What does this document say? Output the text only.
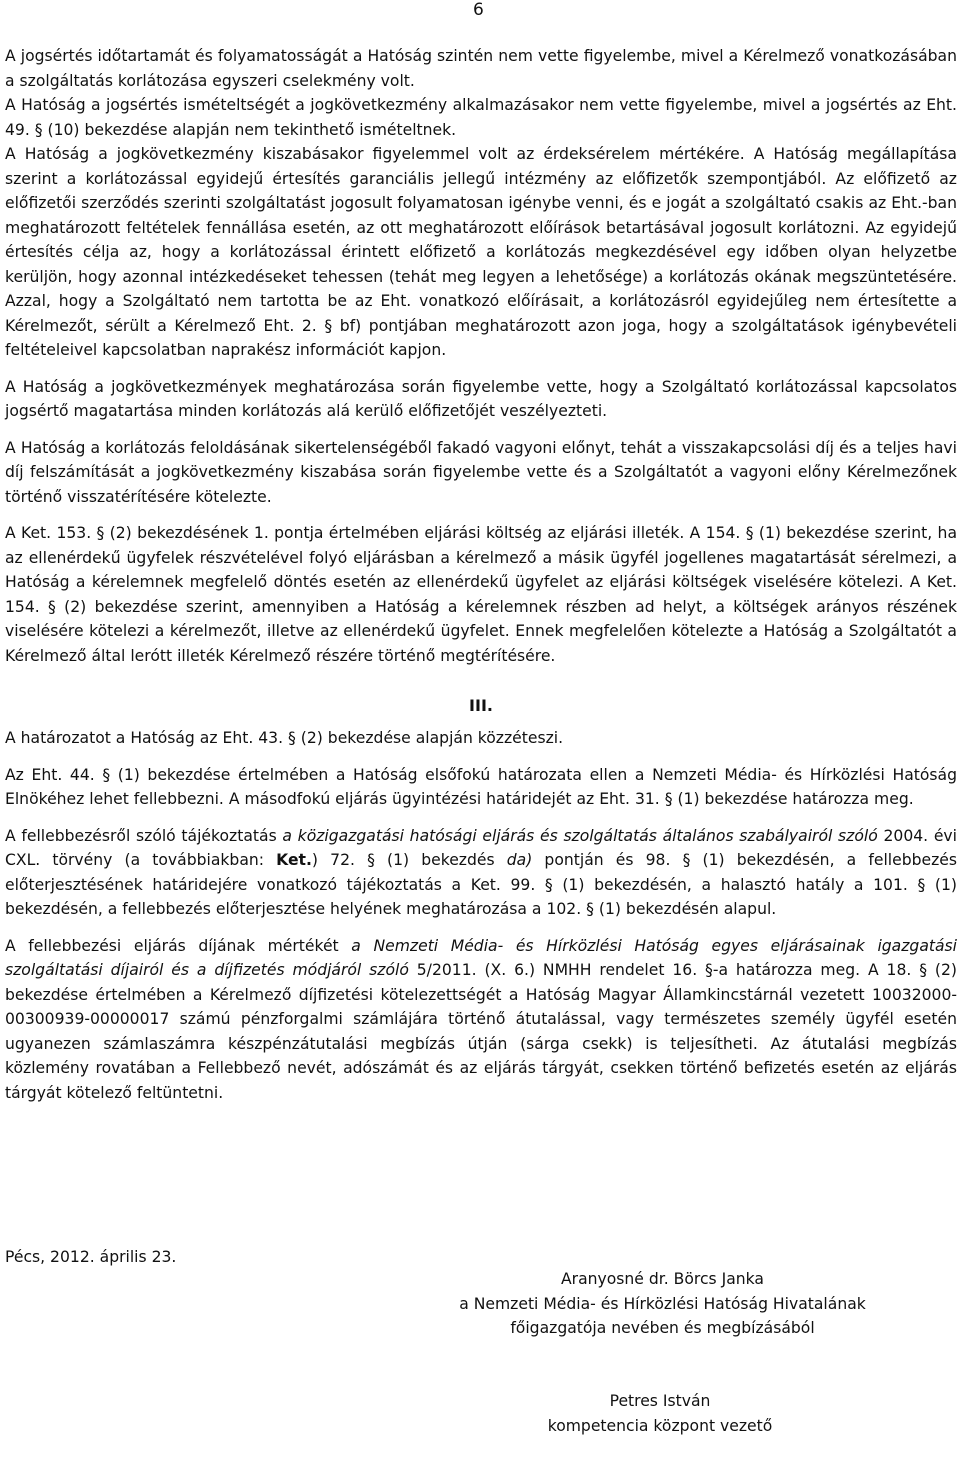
6

A jogsértés időtartamát és folyamatosságát a Hatóság szintén nem vette figyelembe, mivel a Kérelmező vonatkozásában a szolgáltatás korlátozása egyszeri cselekmény volt.

A Hatóság a jogsértés ismételtségét a jogkövetkezmény alkalmazásakor nem vette figyelembe, mivel a jogsértés az Eht. 49. § (10) bekezdése alapján nem tekinthető ismételtnek.

A Hatóság a jogkövetkezmény kiszabásakor figyelemmel volt az érdeksérelem mértékére. A Hatóság megállapítása szerint a korlátozással egyidejű értesítés garanciális jellegű intézmény az előfizetők szempontjából. Az előfizető az előfizetői szerződés szerinti szolgáltatást jogosult folyamatosan igénybe venni, és e jogát a szolgáltató csakis az Eht.-ban meghatározott feltételek fennállása esetén, az ott meghatározott előírások betartásával jogosult korlátozni. Az egyidejű értesítés célja az, hogy a korlátozással érintett előfizető a korlátozás megkezdésével egy időben olyan helyzetbe kerüljön, hogy azonnal intézkedéseket tehessen (tehát meg legyen a lehetősége) a korlátozás okának megszüntetésére. Azzal, hogy a Szolgáltató nem tartotta be az Eht. vonatkozó előírásait, a korlátozásról egyidejűleg nem értesítette a Kérelmezőt, sérült a Kérelmező Eht. 2. § bf) pontjában meghatározott azon joga, hogy a szolgáltatások igénybevételi feltételeivel kapcsolatban naprakész információt kapjon.

A Hatóság a jogkövetkezmények meghatározása során figyelembe vette, hogy a Szolgáltató korlátozással kapcsolatos jogsértő magatartása minden korlátozás alá kerülő előfizetőjét veszélyezteti.

A Hatóság a korlátozás feloldásának sikertelenségéből fakadó vagyoni előnyt, tehát a visszakapcsolási díj és a teljes havi díj felszámítását a jogkövetkezmény kiszabása során figyelembe vette és a Szolgáltatót a vagyoni előny Kérelmezőnek történő visszatérítésére kötelezte.

A Ket. 153. § (2) bekezdésének 1. pontja értelmében eljárási költség az eljárási illeték. A 154. § (1) bekezdése szerint, ha az ellenérdekű ügyfelek részvételével folyó eljárásban a kérelmező a másik ügyfél jogellenes magatartását sérelmezi, a Hatóság a kérelemnek megfelelő döntés esetén az ellenérdekű ügyfelet az eljárási költségek viselésére kötelezi. A Ket. 154. § (2) bekezdése szerint, amennyiben a Hatóság a kérelemnek részben ad helyt, a költségek arányos részének viselésére kötelezi a kérelmezőt, illetve az ellenérdekű ügyfelet. Ennek megfelelően kötelezte a Hatóság a Szolgáltatót a Kérelmező által lerótt illeték Kérelmező részére történő megtérítésére.

III.

A határozatot a Hatóság az Eht. 43. § (2) bekezdése alapján közzéteszi.

Az Eht. 44. § (1) bekezdése értelmében a Hatóság elsőfokú határozata ellen a Nemzeti Média- és Hírközlési Hatóság Elnökéhez lehet fellebbezni. A másodfokú eljárás ügyintézési határidejét az Eht. 31. § (1) bekezdése határozza meg.

A fellebbezésről szóló tájékoztatás a közigazgatási hatósági eljárás és szolgáltatás általános szabályairól szóló 2004. évi CXL. törvény (a továbbiakban: Ket.) 72. § (1) bekezdés da) pontján és 98. § (1) bekezdésén, a fellebbezés előterjesztésének határidejére vonatkozó tájékoztatás a Ket. 99. § (1) bekezdésén, a halasztó hatály a 101. § (1) bekezdésén, a fellebbezés előterjesztése helyének meghatározása a 102. § (1) bekezdésén alapul.

A fellebbezési eljárás díjának mértékét a Nemzeti Média- és Hírközlési Hatóság egyes eljárásainak igazgatási szolgáltatási díjairól és a díjfizetés módjáról szóló 5/2011. (X. 6.) NMHH rendelet 16. §-a határozza meg. A 18. § (2) bekezdése értelmében a Kérelmező díjfizetési kötelezettségét a Hatóság Magyar Államkincstárnál vezetett 10032000-00300939-00000017 számú pénzforgalmi számlájára történő átutalással, vagy természetes személy ügyfél esetén ugyanezen számlaszámra készpénzátutalási megbízás útján (sárga csekk) is teljesítheti. Az átutalási megbízás közlemény rovatában a Fellebbező nevét, adószámát és az eljárás tárgyát, csekken történő befizetés esetén az eljárás tárgyát kötelező feltüntetni.

Pécs, 2012. április 23.

Aranyosné dr. Börcs Janka
a Nemzeti Média- és Hírközlési Hatóság Hivatalának
főigazgatója nevében és megbízásából
Petres István
kompetencia központ vezető
